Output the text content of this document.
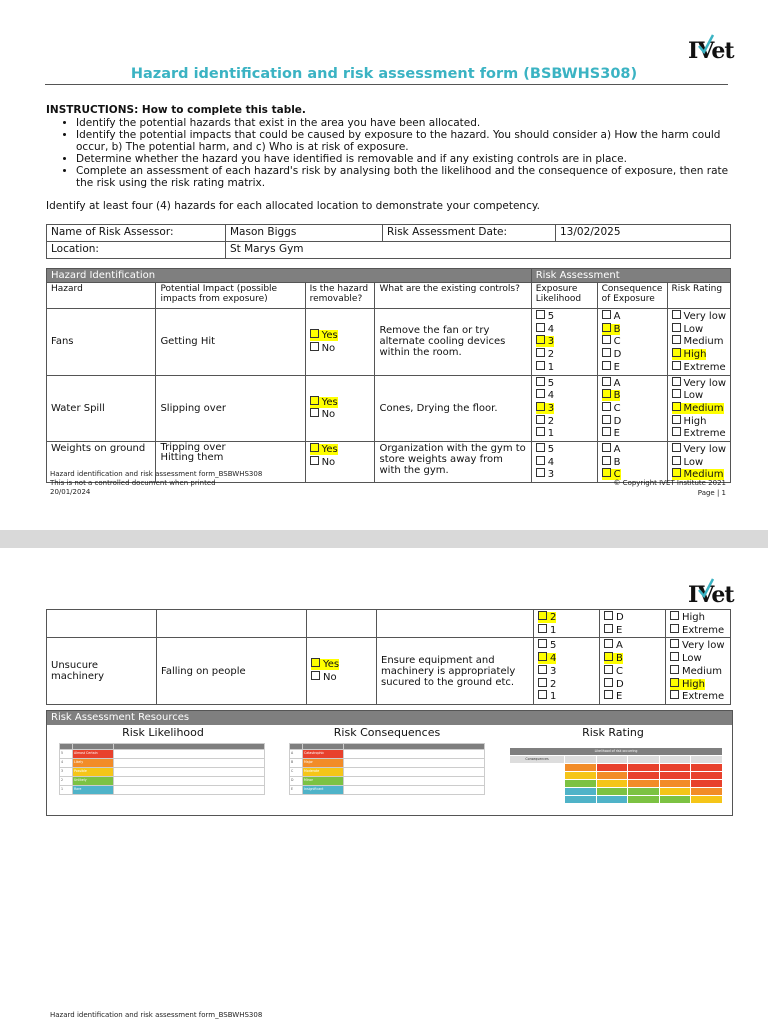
IVet
Hazard identification and risk assessment form (BSBWHS308)
INSTRUCTIONS: How to complete this table.
• Identify the potential hazards that exist in the area you have been allocated.
• Identify the potential impacts that could be caused by exposure to the hazard. You should consider a) How the harm could occur, b) The potential harm, and c) Who is at risk of exposure.
• Determine whether the hazard you have identified is removable and if any existing controls are in place.
• Complete an assessment of each hazard's risk by analysing both the likelihood and the consequence of exposure, then rate the risk using the risk rating matrix.
Identify at least four (4) hazards for each allocated location to demonstrate your competency.
Name of Risk Assessor:	Mason Biggs	Risk Assessment Date:	13/02/2025
Location:	St Marys Gym		
Hazard Identification				Risk Assessment		
Hazard	Potential Impact (possible impacts from exposure)	Is the hazard removable?	What are the existing controls?	Exposure Likelihood	Consequence of Exposure	Risk Rating
Fans	Getting Hit	Yes
No	Remove the fan or try alternate cooling devices within the room.	5
4
3
2
1	A
B
C
D
E	Very low
Low
Medium
High
Extreme

Water Spill	Slipping over	Yes
No	Cones, Drying the floor.	5
4
3
2
1	A
B
C
D
E	Very low
Low
Medium
High
Extreme

Weights on ground	Tripping over
Hitting them	Yes
No	Organization with the gym to store weights away from with the gym.	5
4
3	A
B
C	Very low
Low
Medium
Hazard identification and risk assessment form_BSBWHS308
This is not a controlled document when printed
20/01/2024
© Copyright IVET Institute 2021
Page | 1
IVet

				2
1	D
E	High
Extreme

Unsucure machinery	Falling on people	Yes
No	Ensure equipment and machinery is appropriately sucured to the ground etc.	5
4
3
2
1	A
B
C
D
E	Very low
Low
Medium
High
Extreme
Risk Assessment Resources
Risk Likelihood	Risk Consequences	Risk Rating

5	Almost Certain	
4	Likely	
3	Possible	
2	Unlikely	
1	Rare	

A	Catastrophic	
B	Major	
C	Moderate	
D	Minor	
E	Insignificant	
Likelihood of risk occurring					
Consequences					

Hazard identification and risk assessment form_BSBWHS308
